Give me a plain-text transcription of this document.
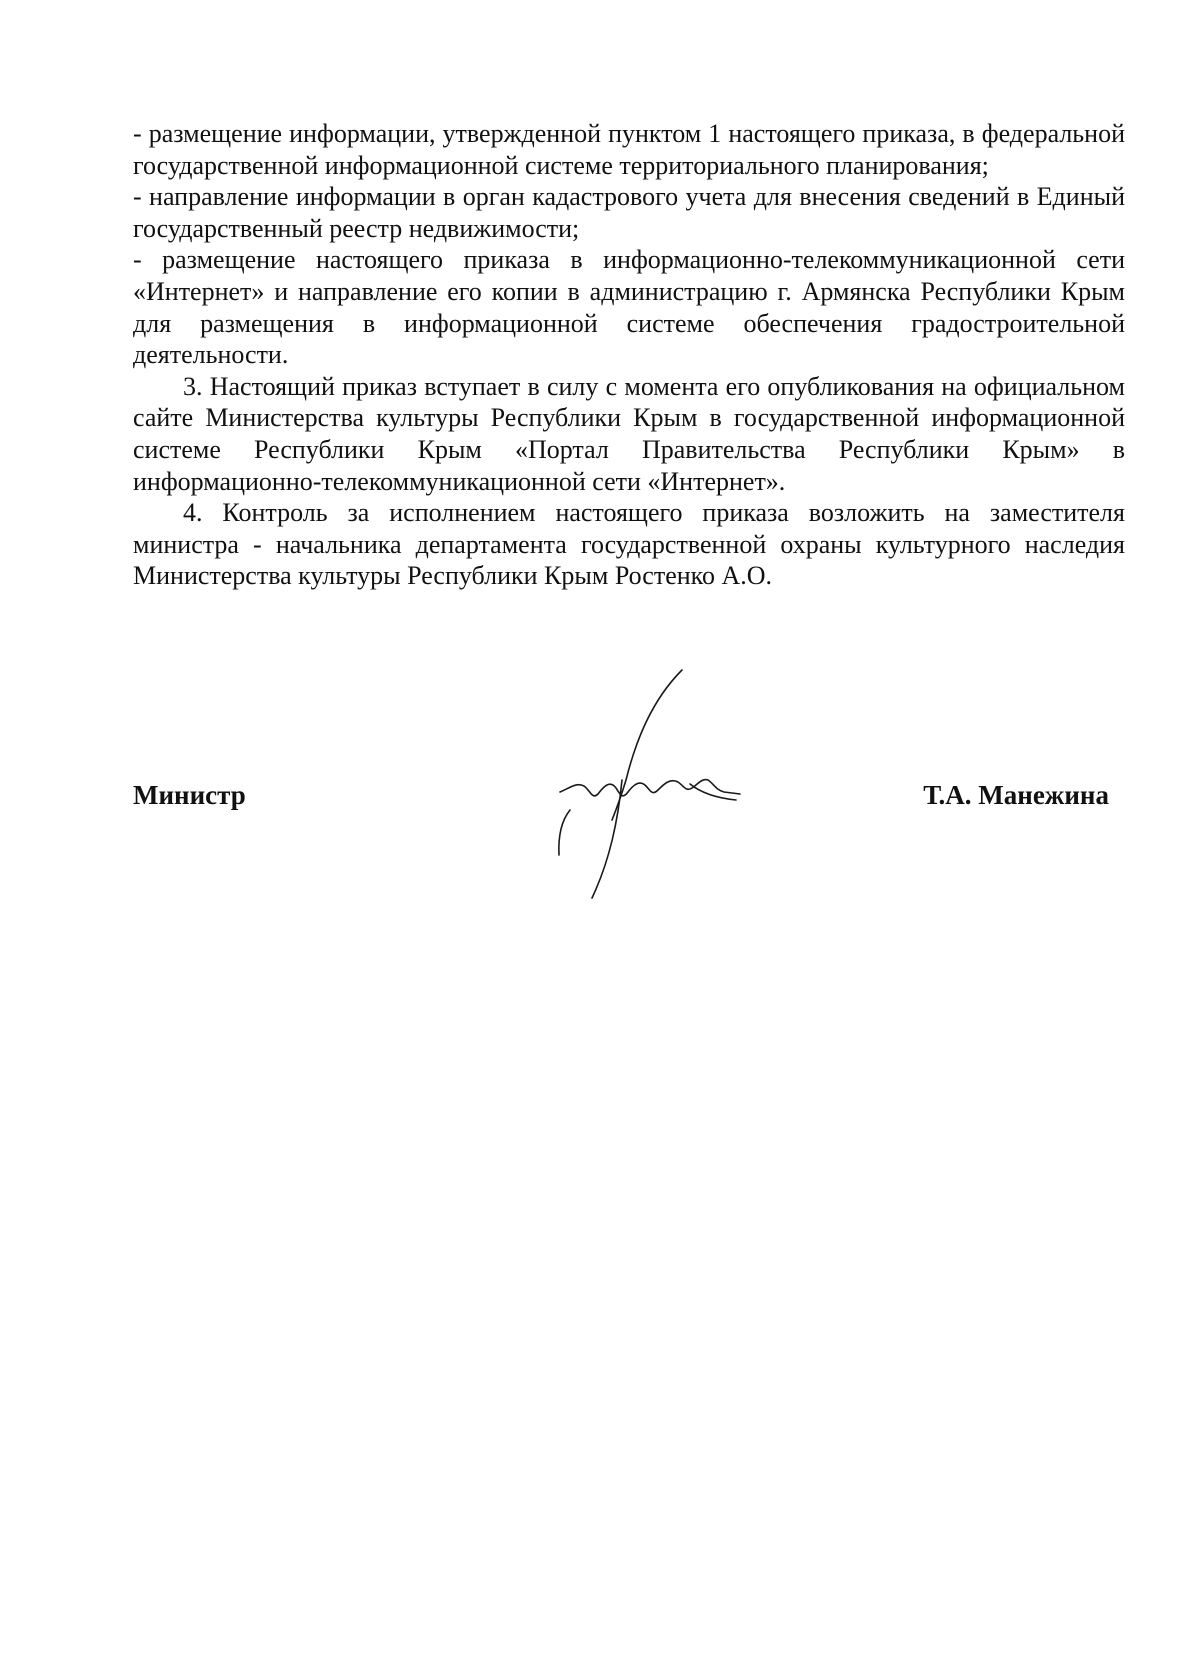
- размещение информации, утвержденной пунктом 1 настоящего приказа, в федеральной государственной информационной системе территориального планирования;

- направление информации в орган кадастрового учета для внесения сведений в Единый государственный реестр недвижимости;

- размещение настоящего приказа в информационно-телекоммуникационной сети «Интернет» и направление его копии в администрацию г. Армянска Республики Крым для размещения в информационной системе обеспечения градостроительной деятельности.

3. Настоящий приказ вступает в силу с момента его опубликования на официальном сайте Министерства культуры Республики Крым в государственной информационной системе Республики Крым «Портал Правительства Республики Крым» в информационно-телекоммуникационной сети «Интернет».

4. Контроль за исполнением настоящего приказа возложить на заместителя министра - начальника департамента государственной охраны культурного наследия Министерства культуры Республики Крым Ростенко А.О.

Министр	Т.А. Манежина
